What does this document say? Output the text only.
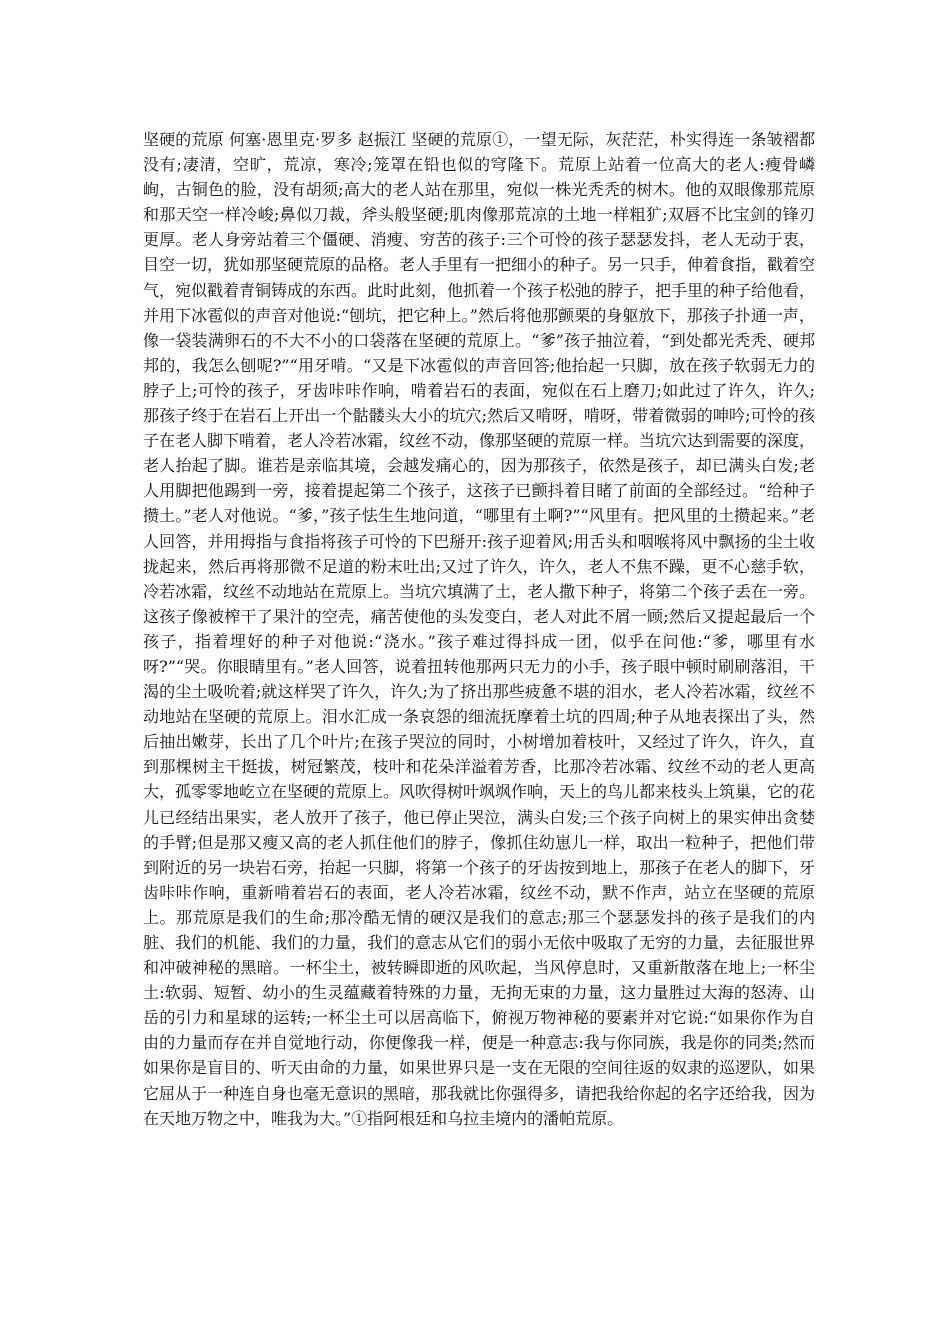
坚硬的荒原 何塞·恩里克·罗多 赵振江 坚硬的荒原①，一望无际，灰茫茫，朴实得连一条皱褶都没有;凄清，空旷，荒凉，寒冷;笼罩在铅也似的穹隆下。荒原上站着一位高大的老人:瘦骨嶙峋，古铜色的脸，没有胡须;高大的老人站在那里，宛似一株光秃秃的树木。他的双眼像那荒原和那天空一样冷峻;鼻似刀裁，斧头般坚硬;肌肉像那荒凉的土地一样粗犷;双唇不比宝剑的锋刃更厚。老人身旁站着三个僵硬、消瘦、穷苦的孩子:三个可怜的孩子瑟瑟发抖，老人无动于衷，目空一切，犹如那坚硬荒原的品格。老人手里有一把细小的种子。另一只手，伸着食指，戳着空气，宛似戳着青铜铸成的东西。此时此刻，他抓着一个孩子松弛的脖子，把手里的种子给他看，并用下冰雹似的声音对他说:“刨坑，把它种上。”然后将他那颤栗的身躯放下，那孩子扑通一声，像一袋装满卵石的不大不小的口袋落在坚硬的荒原上。“爹”孩子抽泣着，“到处都光秃秃、硬邦邦的，我怎么刨呢?”“用牙啃。“又是下冰雹似的声音回答;他抬起一只脚，放在孩子软弱无力的脖子上;可怜的孩子，牙齿咔咔作响，啃着岩石的表面，宛似在石上磨刀;如此过了许久，许久;那孩子终于在岩石上开出一个骷髅头大小的坑穴;然后又啃呀，啃呀，带着微弱的呻吟;可怜的孩子在老人脚下啃着，老人冷若冰霜，纹丝不动，像那坚硬的荒原一样。当坑穴达到需要的深度，老人抬起了脚。谁若是亲临其境，会越发痛心的，因为那孩子，依然是孩子，却已满头白发;老人用脚把他踢到一旁，接着提起第二个孩子，这孩子已颤抖着目睹了前面的全部经过。“给种子攒土。”老人对他说。“爹，”孩子怯生生地问道，“哪里有土啊?”“风里有。把风里的土攒起来。”老人回答，并用拇指与食指将孩子可怜的下巴掰开:孩子迎着风;用舌头和咽喉将风中飘扬的尘土收拢起来，然后再将那微不足道的粉末吐出;又过了许久，许久，老人不焦不躁，更不心慈手软，冷若冰霜，纹丝不动地站在荒原上。当坑穴填满了土，老人撒下种子，将第二个孩子丢在一旁。这孩子像被榨干了果汁的空壳，痛苦使他的头发变白，老人对此不屑一顾;然后又提起最后一个孩子，指着埋好的种子对他说:“浇水。”孩子难过得抖成一团，似乎在问他:“爹，哪里有水呀?”“哭。你眼睛里有。”老人回答，说着扭转他那两只无力的小手，孩子眼中顿时刷刷落泪，干渴的尘土吸吮着;就这样哭了许久，许久;为了挤出那些疲惫不堪的泪水，老人冷若冰霜，纹丝不动地站在坚硬的荒原上。泪水汇成一条哀怨的细流抚摩着土坑的四周;种子从地表探出了头，然后抽出嫩芽，长出了几个叶片;在孩子哭泣的同时，小树增加着枝叶，又经过了许久，许久，直到那棵树主干挺拔，树冠繁茂，枝叶和花朵洋溢着芳香，比那冷若冰霜、纹丝不动的老人更高大，孤零零地屹立在坚硬的荒原上。风吹得树叶飒飒作响，天上的鸟儿都来枝头上筑巢，它的花儿已经结出果实，老人放开了孩子，他已停止哭泣，满头白发;三个孩子向树上的果实伸出贪婪的手臂;但是那又瘦又高的老人抓住他们的脖子，像抓住幼崽儿一样，取出一粒种子，把他们带到附近的另一块岩石旁，抬起一只脚，将第一个孩子的牙齿按到地上，那孩子在老人的脚下，牙齿咔咔作响，重新啃着岩石的表面，老人冷若冰霜，纹丝不动，默不作声，站立在坚硬的荒原上。那荒原是我们的生命;那冷酷无情的硬汉是我们的意志;那三个瑟瑟发抖的孩子是我们的内脏、我们的机能、我们的力量，我们的意志从它们的弱小无依中吸取了无穷的力量，去征服世界和冲破神秘的黑暗。一杯尘土，被转瞬即逝的风吹起，当风停息时，又重新散落在地上;一杯尘土:软弱、短暂、幼小的生灵蕴藏着特殊的力量，无拘无束的力量，这力量胜过大海的怒涛、山岳的引力和星球的运转;一杯尘土可以居高临下，俯视万物神秘的要素并对它说:“如果你作为自由的力量而存在并自觉地行动，你便像我一样，便是一种意志:我与你同族，我是你的同类;然而如果你是盲目的、听天由命的力量，如果世界只是一支在无限的空间往返的奴隶的巡逻队，如果它屈从于一种连自身也毫无意识的黑暗，那我就比你强得多，请把我给你起的名字还给我，因为在天地万物之中，唯我为大。”①指阿根廷和乌拉圭境内的潘帕荒原。
